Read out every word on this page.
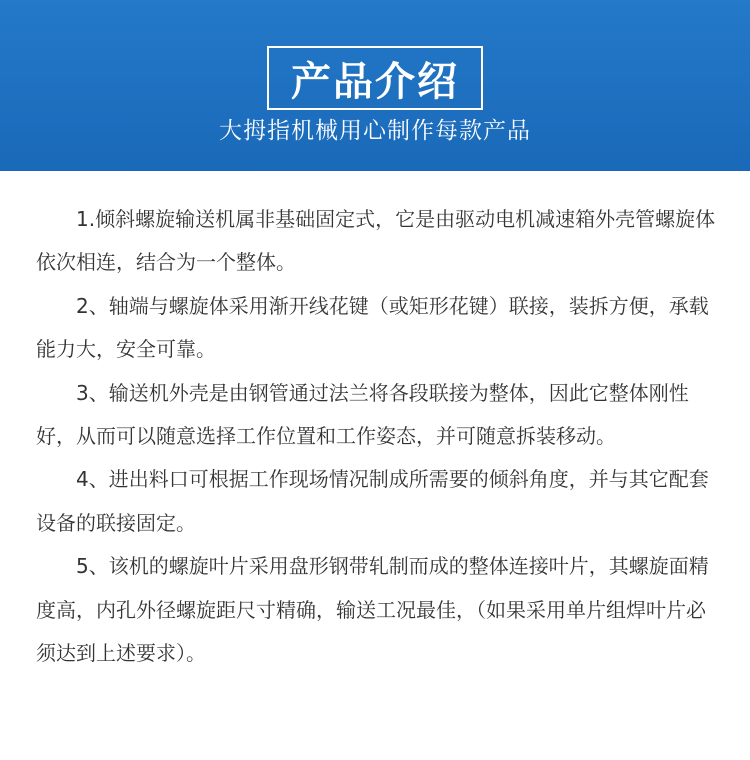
产品介绍
大拇指机械用心制作每款产品

1.倾斜螺旋输送机属非基础固定式，它是由驱动电机减速箱外壳管螺旋体依次相连，结合为一个整体。

2、轴端与螺旋体采用渐开线花键（或矩形花键）联接，装拆方便，承载能力大，安全可靠。

3、输送机外壳是由钢管通过法兰将各段联接为整体，因此它整体刚性好，从而可以随意选择工作位置和工作姿态，并可随意拆装移动。

4、进出料口可根据工作现场情况制成所需要的倾斜角度，并与其它配套设备的联接固定。

5、该机的螺旋叶片采用盘形钢带轧制而成的整体连接叶片，其螺旋面精度高，内孔外径螺旋距尺寸精确，输送工况最佳，（如果采用单片组焊叶片必须达到上述要求）。
